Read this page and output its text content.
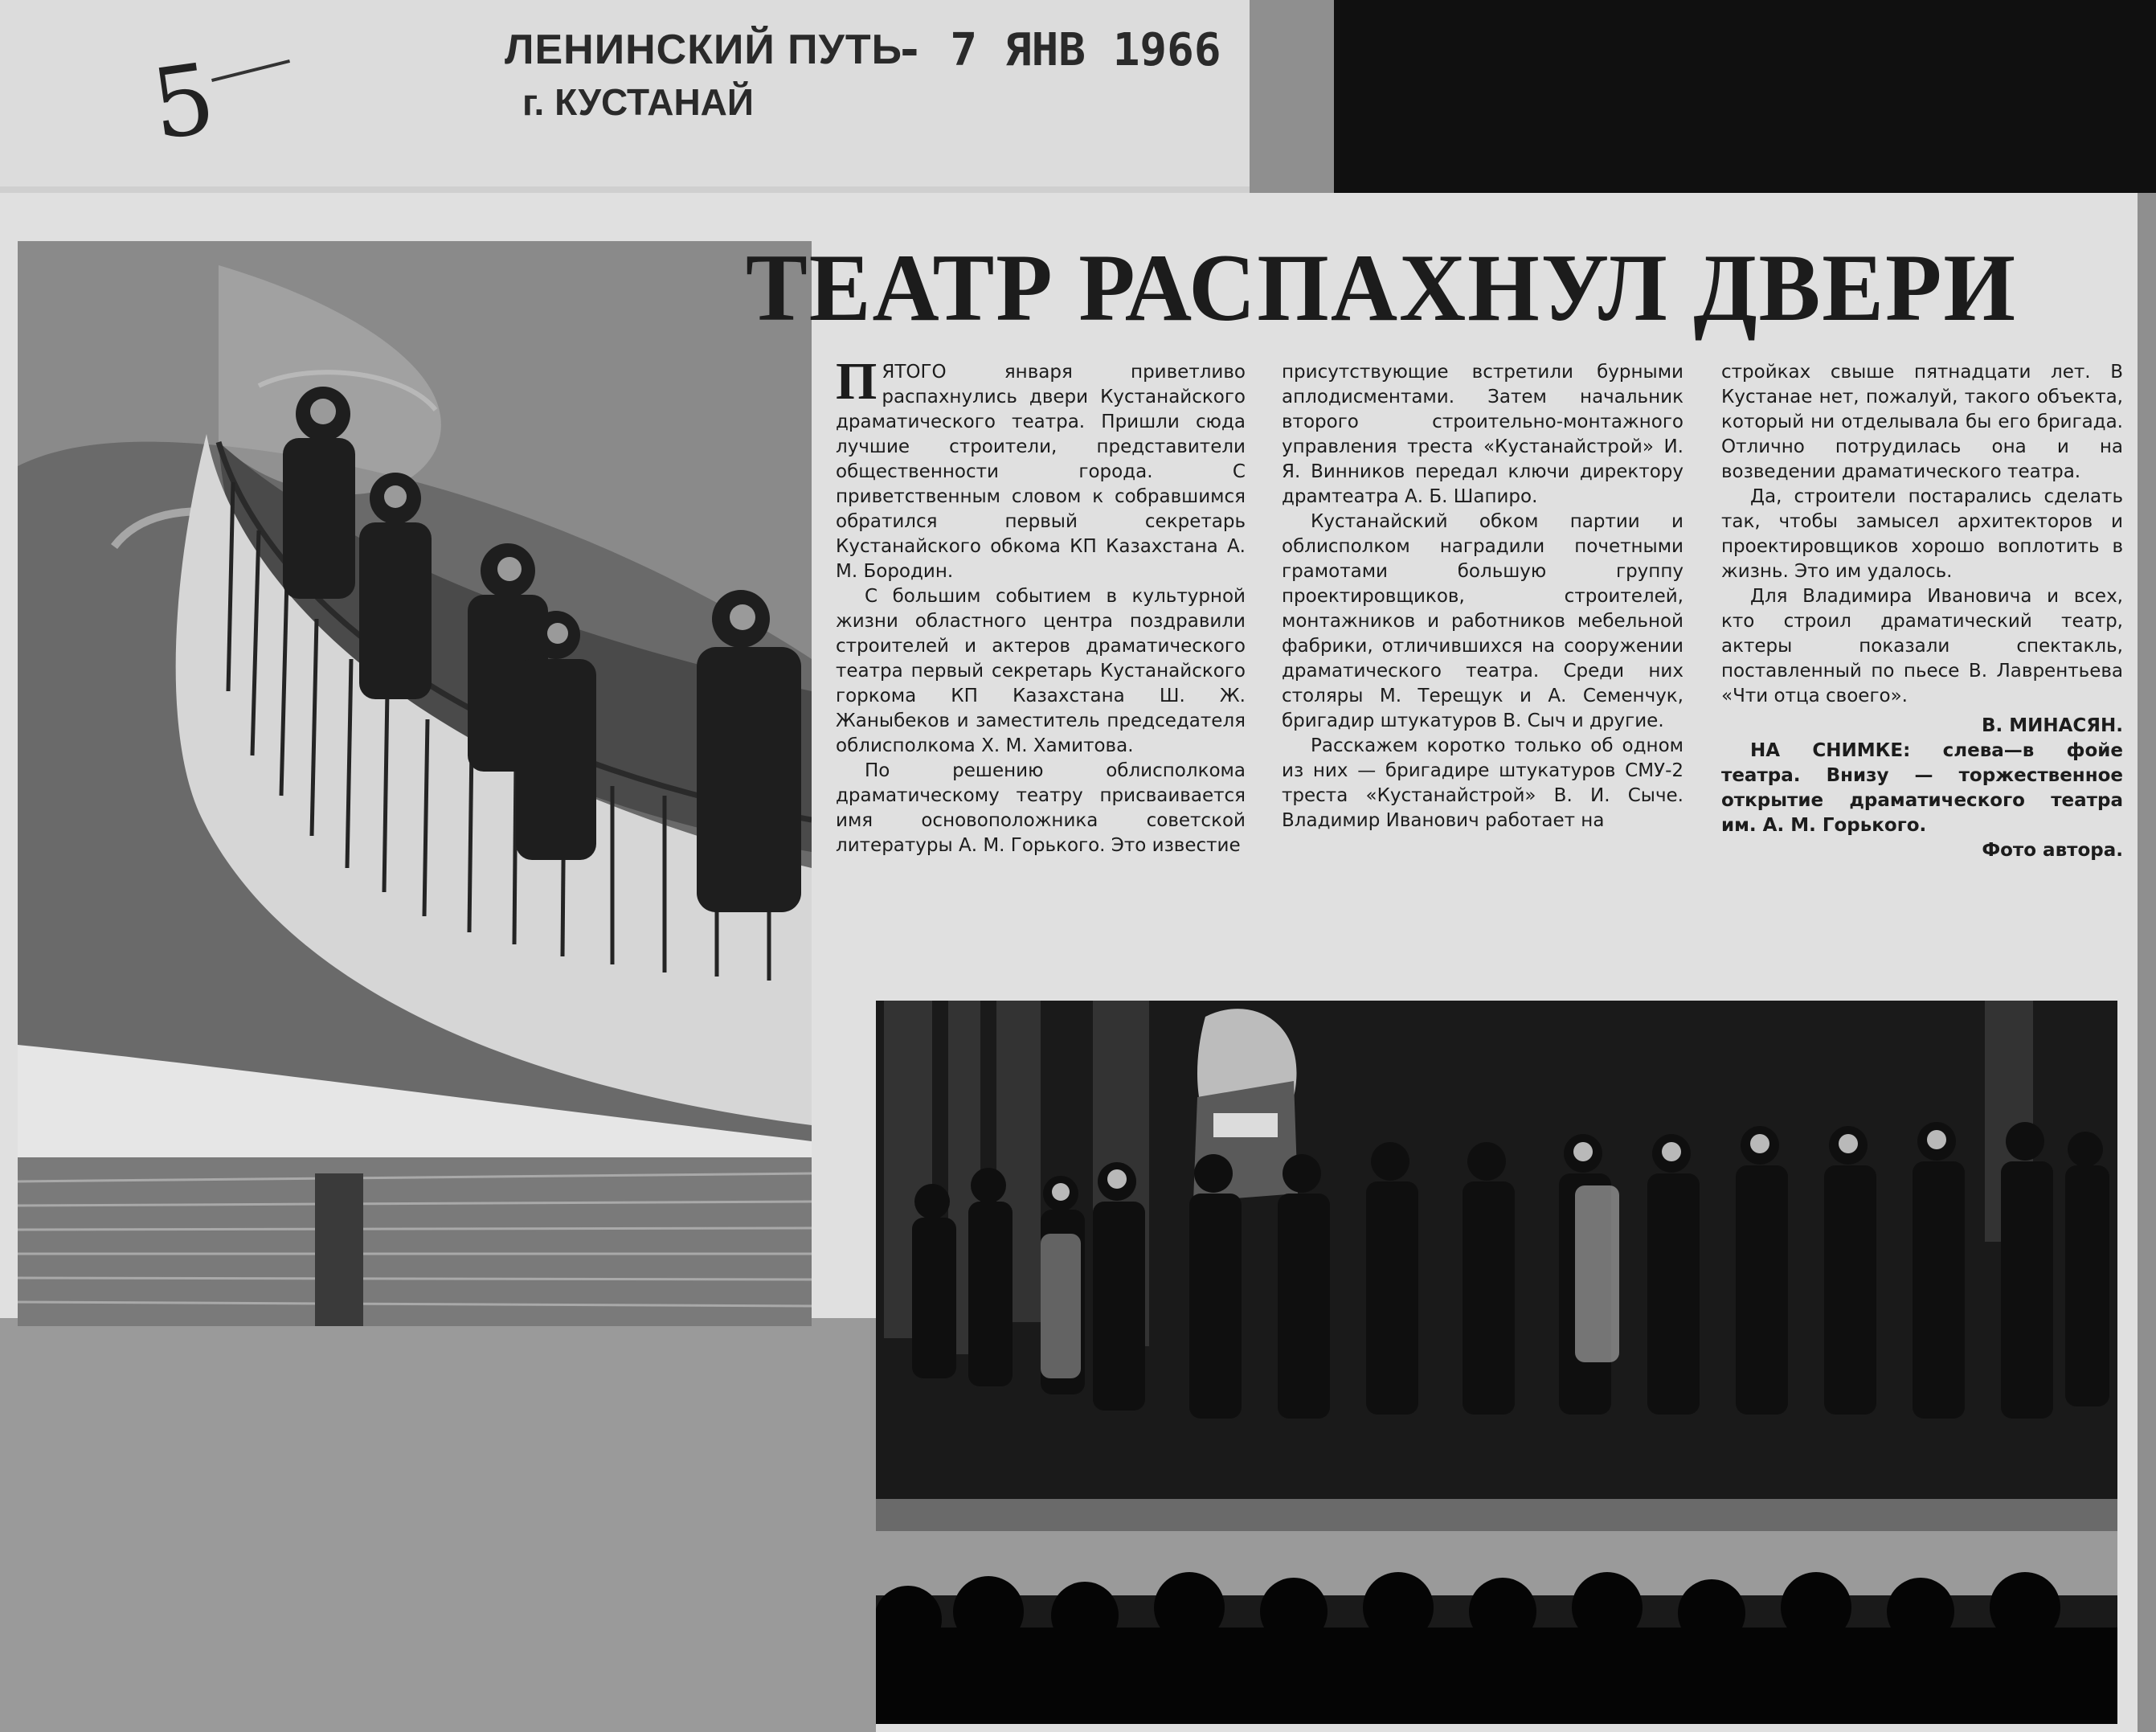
5	ЛЕНИНСКИЙ ПУТЬ
г. КУСТАНАЙ
- 7 ЯНВ 1966
ТЕАТР РАСПАХНУЛ ДВЕРИ

ПЯТОГО января приветливо распахнулись двери Кустанайского драматического театра. Пришли сюда лучшие строители, представители общественности города. С приветственным словом к собравшимся обратился первый секретарь Кустанайского обкома КП Казахстана А. М. Бородин.

С большим событием в культурной жизни областного центра поздравили строителей и актеров драматического театра первый секретарь Кустанайского горкома КП Казахстана Ш. Ж. Жаныбеков и заместитель председателя облисполкома Х. М. Хамитова.

По решению облисполкома драматическому театру присваивается имя основоположника советской литературы А. М. Горького. Это известие

присутствующие встретили бурными аплодисментами. Затем начальник второго строительно-монтажного управления треста «Кустанайстрой» И. Я. Винников передал ключи директору драмтеатра А. Б. Шапиро.

Кустанайский обком партии и облисполком наградили почетными грамотами большую группу проектировщиков, строителей, монтажников и работников мебельной фабрики, отличившихся на сооружении драматического театра. Среди них столяры М. Терещук и А. Семенчук, бригадир штукатуров В. Сыч и другие.

Расскажем коротко только об одном из них — бригадире штукатуров СМУ-2 треста «Кустанайстрой» В. И. Сыче. Владимир Иванович работает на

стройках свыше пятнадцати лет. В Кустанае нет, пожалуй, такого объекта, который ни отделывала бы его бригада. Отлично потрудилась она и на возведении драматического театра.

Да, строители постарались сделать так, чтобы замысел архитекторов и проектировщиков хорошо воплотить в жизнь. Это им удалось.

Для Владимира Ивановича и всех, кто строил драматический театр, актеры показали спектакль, поставленный по пьесе В. Лаврентьева «Чти отца своего».

В. МИНАСЯН.

НА СНИМКЕ: слева—в фойе театра. Внизу — торжественное открытие драматического театра им. А. М. Горького.

Фото автора.
